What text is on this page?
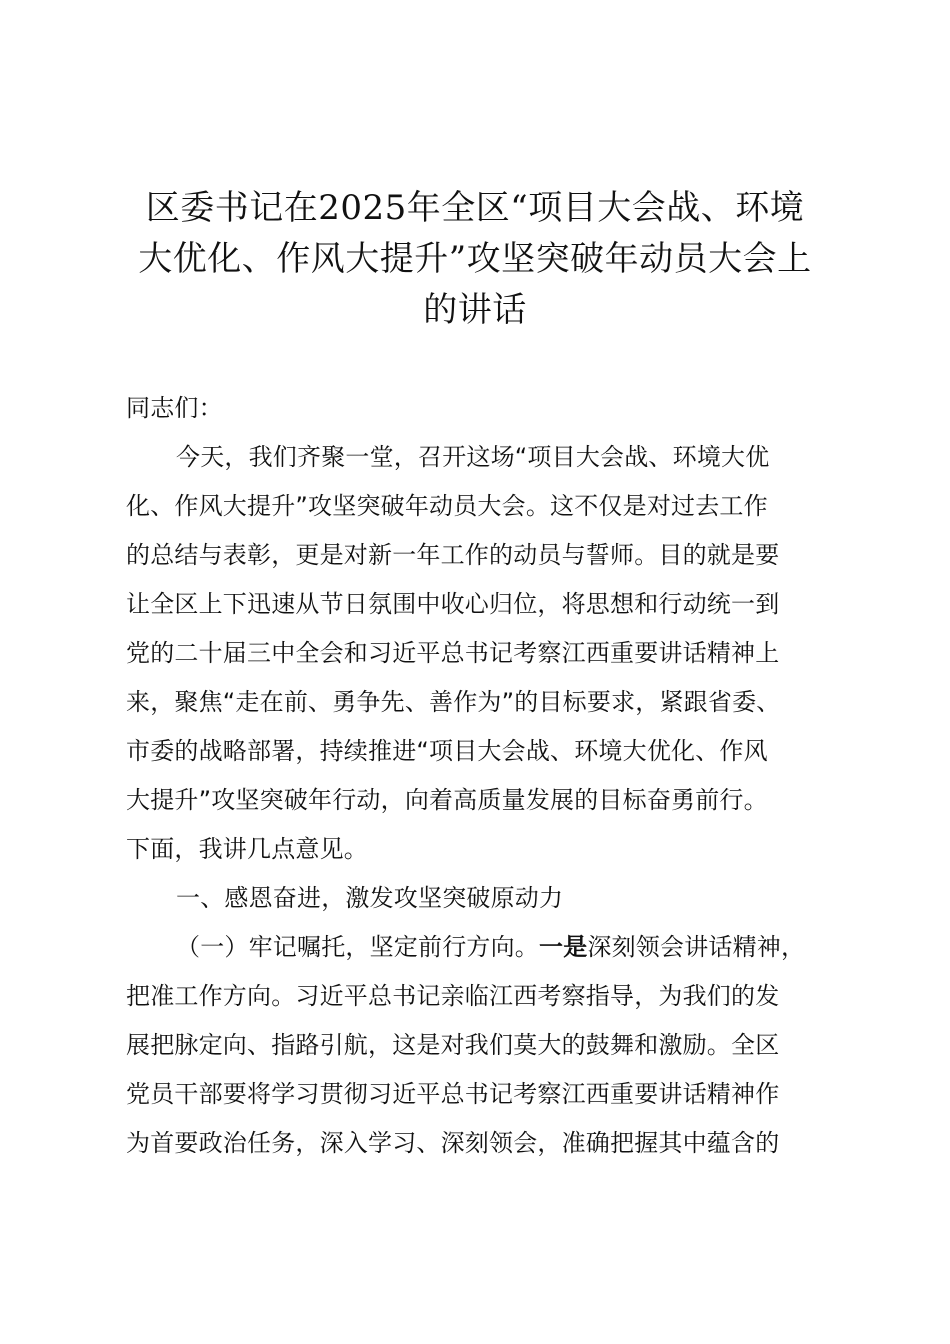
区委书记在2025年全区“项目大会战、环境
大优化、作风大提升”攻坚突破年动员大会上
的讲话
同志们：
今天，我们齐聚一堂，召开这场“项目大会战、环境大优
化、作风大提升”攻坚突破年动员大会。这不仅是对过去工作
的总结与表彰，更是对新一年工作的动员与誓师。目的就是要
让全区上下迅速从节日氛围中收心归位，将思想和行动统一到
党的二十届三中全会和习近平总书记考察江西重要讲话精神上
来，聚焦“走在前、勇争先、善作为”的目标要求，紧跟省委、
市委的战略部署，持续推进“项目大会战、环境大优化、作风
大提升”攻坚突破年行动，向着高质量发展的目标奋勇前行。
下面，我讲几点意见。
一、感恩奋进，激发攻坚突破原动力
（一）牢记嘱托，坚定前行方向。一是深刻领会讲话精神，
把准工作方向。习近平总书记亲临江西考察指导，为我们的发
展把脉定向、指路引航，这是对我们莫大的鼓舞和激励。全区
党员干部要将学习贯彻习近平总书记考察江西重要讲话精神作
为首要政治任务，深入学习、深刻领会，准确把握其中蕴含的
